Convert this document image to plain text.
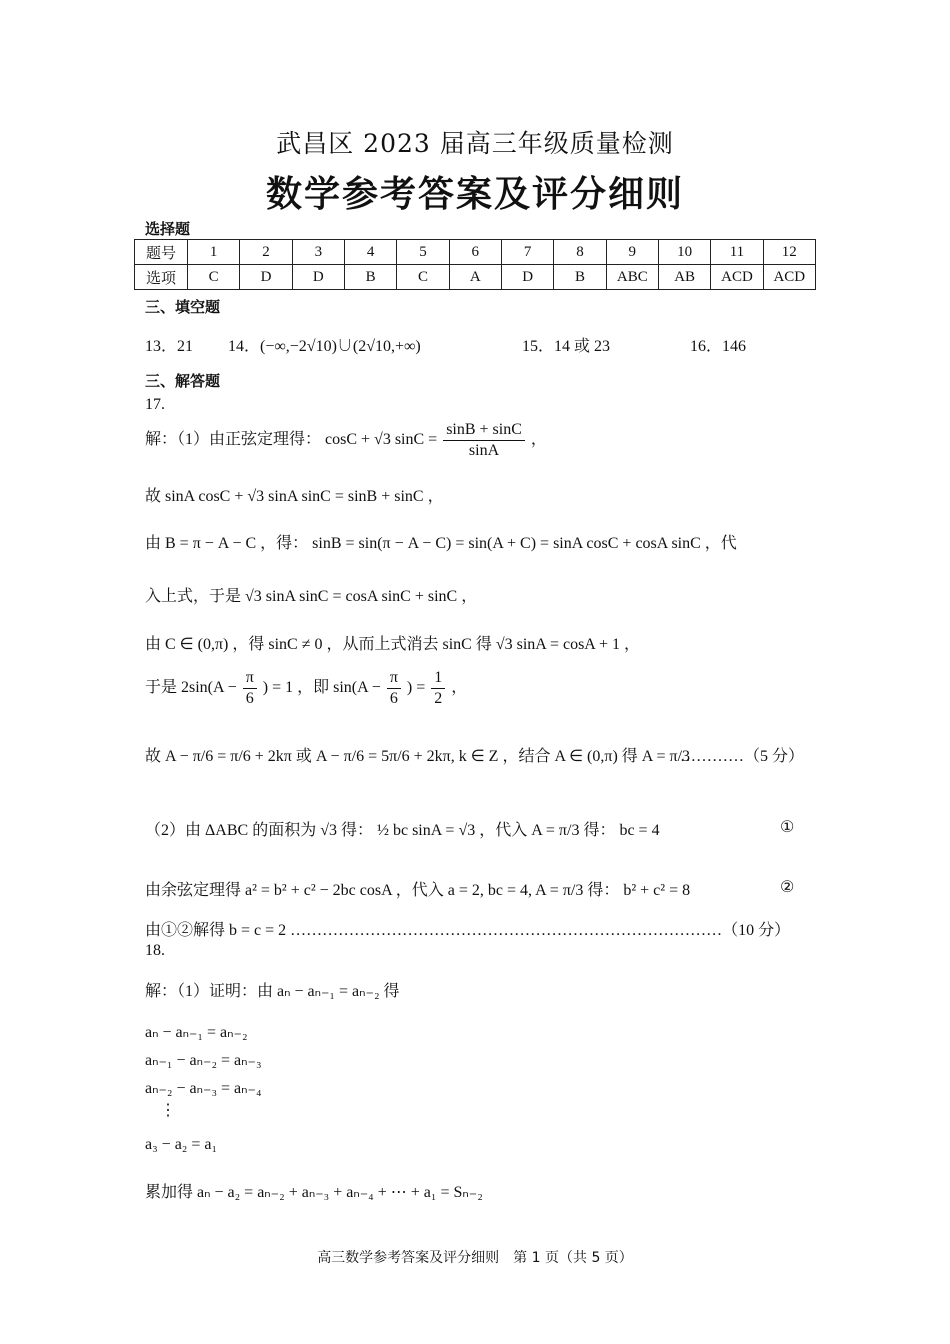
武昌区 2023 届高三年级质量检测
数学参考答案及评分细则
选择题
题号	1	2	3	4	5	6	7	8	9	10	11	12
选项	C	D	D	B	C	A	D	B	ABC	AB	ACD	ACD
三、填空题
13．21 14．(−∞,−2√10)∪(2√10,+∞)	15．14 或 23	16．146
三、解答题
17.
解：（1）由正弦定理得： cosC + √3 $\sin C = \frac{\sin B + \sin C}{\sin A}$ ，
故 sinA cosC + √3 sinA sinC = sinB + sinC ，
由 B = π − A − C ，得： sinB = sin(π − A − C) = sin(A + C) = sinA cosC + cosA sinC ，代
入上式，于是 √3 sinA sinC = cosA sinC + sinC ，
由 C ∈ (0,π) ，得 sinC ≠ 0 ，从而上式消去 sinC 得 √3 sinA = cosA + 1 ，
于是 $2\sin(A - \frac{\pi}{6}$ ) = 1 ，即 $\sin(A - \frac{\pi}{6}$ ) = $\frac{1}{2}$ ，
故 A − π/6 = π/6 + 2kπ 或 A − π/6 = 5π/6 + 2kπ, k ∈ Z ，结合 A ∈ (0,π) 得 A = π/3
…………（5 分）
（2）由 ΔABC 的面积为 √3 得： ½ bc sinA = √3 ，代入 A = π/3 得： bc = 4	①
由余弦定理得 a² = b² + c² − 2bc cosA ，代入 a = 2, bc = 4, A = π/3 得： b² + c² = 8	②
由①②解得 b = c = 2 ………………………………………………………………………（10 分）
18.
解：（1）证明：由 aₙ − aₙ₋₁ = aₙ₋₂ 得
aₙ − aₙ₋₁ = aₙ₋₂
aₙ₋₁ − aₙ₋₂ = aₙ₋₃
aₙ₋₂ − aₙ₋₃ = aₙ₋₄
⋮
a₃ − a₂ = a₁
累加得 aₙ − a₂ = aₙ₋₂ + aₙ₋₃ + aₙ₋₄ + ⋯ + a₁ = Sₙ₋₂
高三数学参考答案及评分细则　第 1 页（共 5 页）
